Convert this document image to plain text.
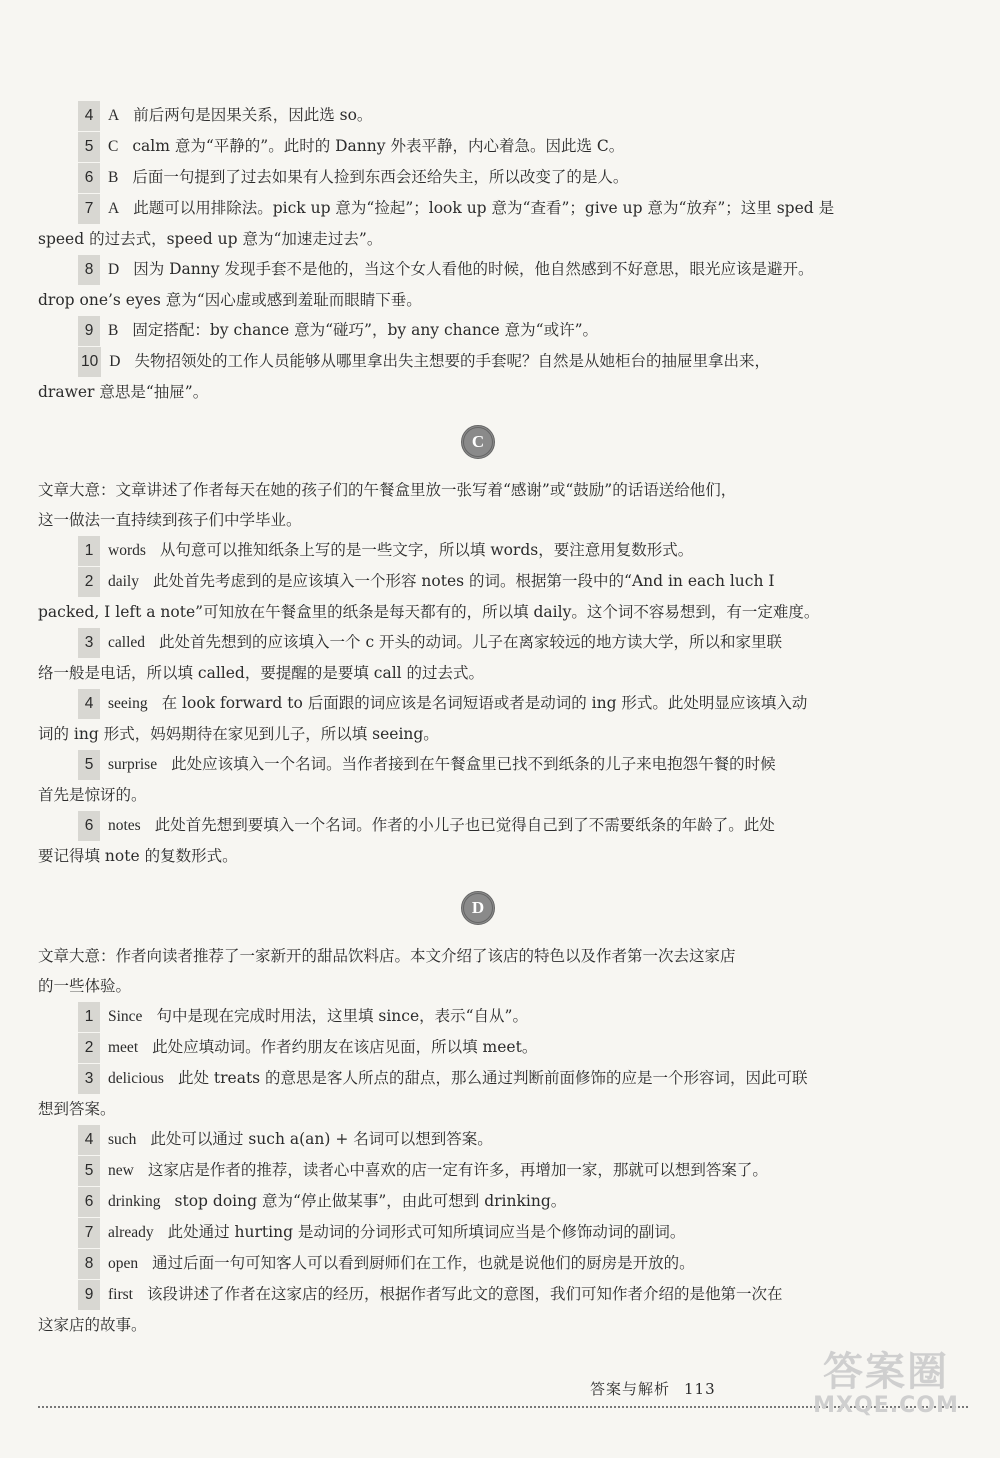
4 A 前后两句是因果关系，因此选 so。

5 C calm 意为“平静的”。此时的 Danny 外表平静，内心着急。因此选 C。

6 B 后面一句提到了过去如果有人捡到东西会还给失主，所以改变了的是人。

7 A 此题可以用排除法。pick up 意为“捡起”；look up 意为“查看”；give up 意为“放弃”；这里 sped 是

speed 的过去式，speed up 意为“加速走过去”。

8 D 因为 Danny 发现手套不是他的，当这个女人看他的时候，他自然感到不好意思，眼光应该是避开。

drop one’s eyes 意为“因心虚或感到羞耻而眼睛下垂。

9 B 固定搭配：by chance 意为“碰巧”，by any chance 意为“或许”。

10 D 失物招领处的工作人员能够从哪里拿出失主想要的手套呢？自然是从她柜台的抽屉里拿出来，

drawer 意思是“抽屉”。

C

文章大意：文章讲述了作者每天在她的孩子们的午餐盒里放一张写着“感谢”或“鼓励”的话语送给他们，

这一做法一直持续到孩子们中学毕业。

1 words 从句意可以推知纸条上写的是一些文字，所以填 words，要注意用复数形式。

2 daily 此处首先考虑到的是应该填入一个形容 notes 的词。根据第一段中的“And in each luch I

packed, I left a note”可知放在午餐盒里的纸条是每天都有的，所以填 daily。这个词不容易想到，有一定难度。

3 called 此处首先想到的应该填入一个 c 开头的动词。儿子在离家较远的地方读大学，所以和家里联

络一般是电话，所以填 called，要提醒的是要填 call 的过去式。

4 seeing 在 look forward to 后面跟的词应该是名词短语或者是动词的 ing 形式。此处明显应该填入动

词的 ing 形式，妈妈期待在家见到儿子，所以填 seeing。

5 surprise 此处应该填入一个名词。当作者接到在午餐盒里已找不到纸条的儿子来电抱怨午餐的时候

首先是惊讶的。

6 notes 此处首先想到要填入一个名词。作者的小儿子也已觉得自己到了不需要纸条的年龄了。此处

要记得填 note 的复数形式。

D

文章大意：作者向读者推荐了一家新开的甜品饮料店。本文介绍了该店的特色以及作者第一次去这家店

的一些体验。

1 Since 句中是现在完成时用法，这里填 since，表示“自从”。

2 meet 此处应填动词。作者约朋友在该店见面，所以填 meet。

3 delicious 此处 treats 的意思是客人所点的甜点，那么通过判断前面修饰的应是一个形容词，因此可联

想到答案。

4 such 此处可以通过 such a(an) + 名词可以想到答案。

5 new 这家店是作者的推荐，读者心中喜欢的店一定有许多，再增加一家，那就可以想到答案了。

6 drinking stop doing 意为“停止做某事”，由此可想到 drinking。

7 already 此处通过 hurting 是动词的分词形式可知所填词应当是个修饰动词的副词。

8 open 通过后面一句可知客人可以看到厨师们在工作，也就是说他们的厨房是开放的。

9 first 该段讲述了作者在这家店的经历，根据作者写此文的意图，我们可知作者介绍的是他第一次在

这家店的故事。

答案与解析 113	答案圈
MXQE.COM
